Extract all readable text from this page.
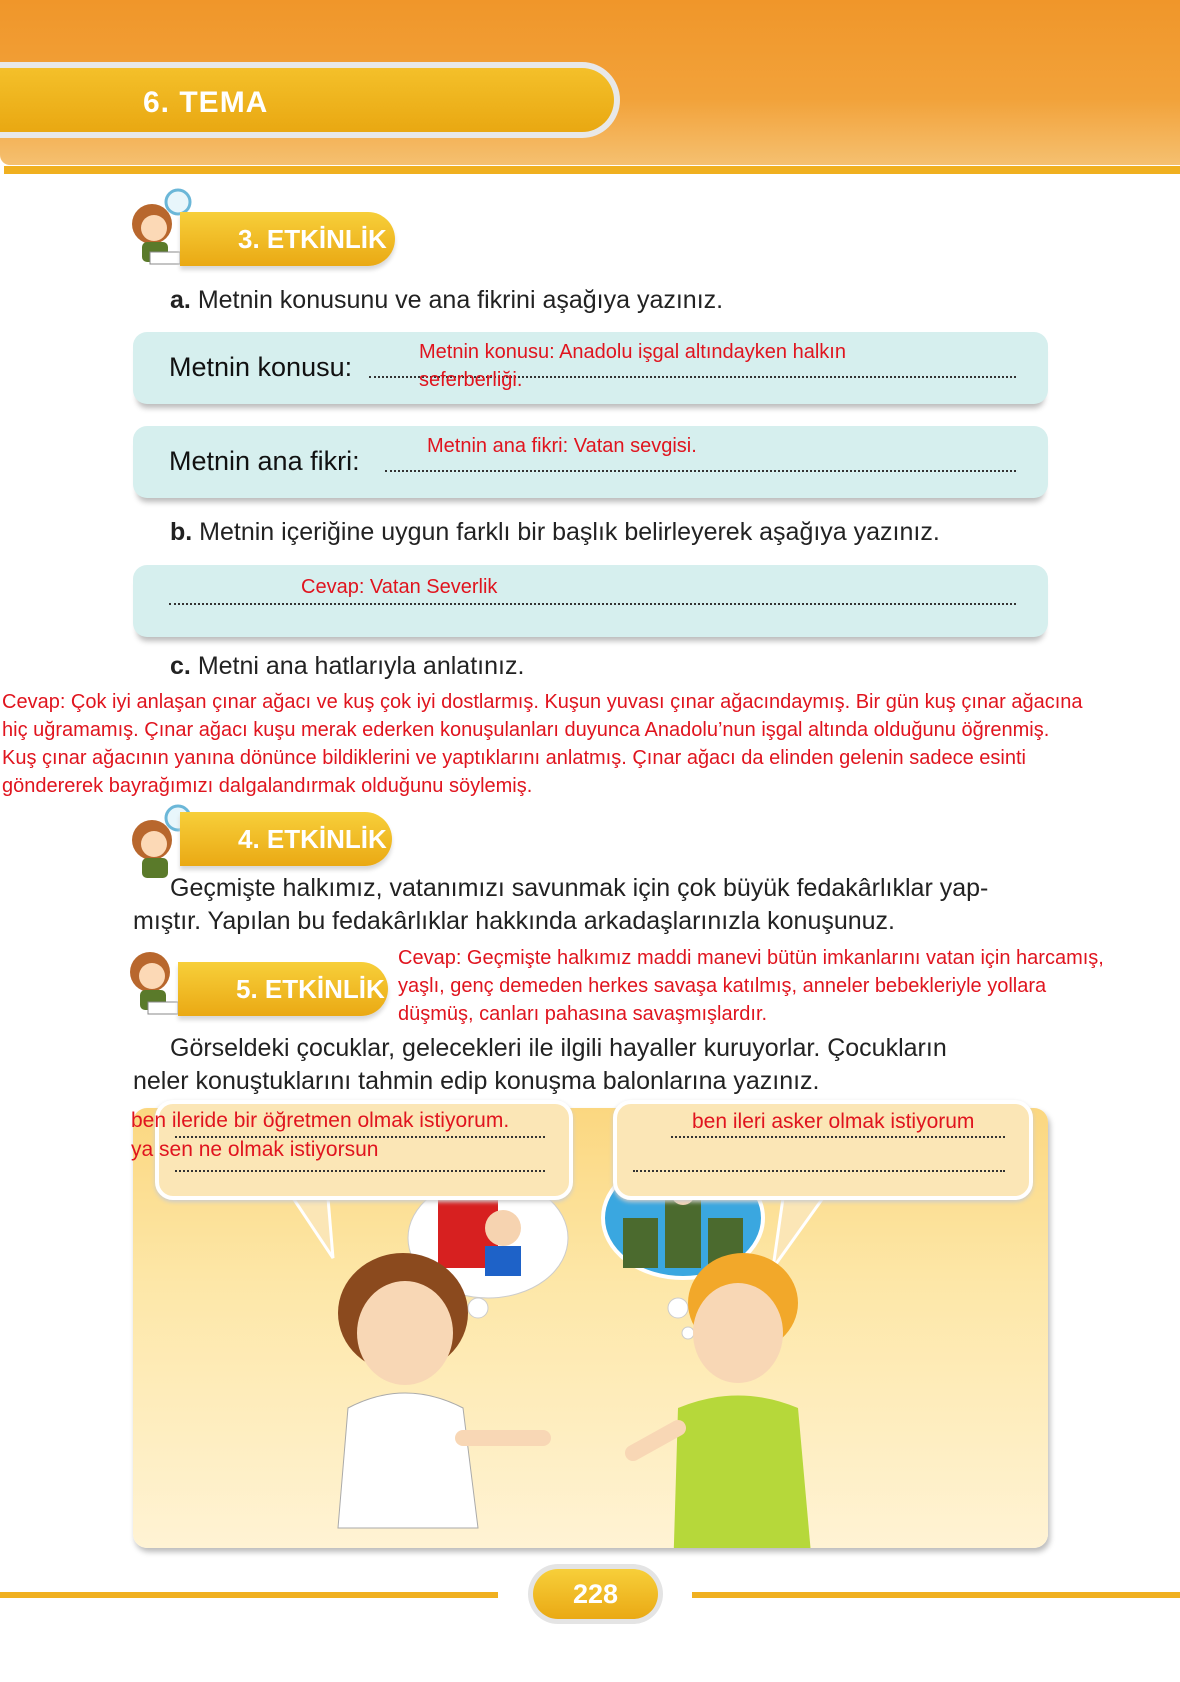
6. TEMA
3. ETKİNLİK
a. Metnin konusunu ve ana fikrini aşağıya yazınız.
Metnin konusu:	Metnin konusu: Anadolu işgal altındayken halkın seferberliği.
Metnin ana fikri:	Metnin ana fikri: Vatan sevgisi.
b. Metnin içeriğine uygun farklı bir başlık belirleyerek aşağıya yazınız.
Cevap: Vatan Severlik
c. Metni ana hatlarıyla anlatınız.
Cevap: Çok iyi anlaşan çınar ağacı ve kuş çok iyi dostlarmış. Kuşun yuvası çınar ağacındaymış. Bir gün kuş çınar ağacına
hiç uğramamış. Çınar ağacı kuşu merak ederken konuşulanları duyunca Anadolu’nun işgal altında olduğunu öğrenmiş.
Kuş çınar ağacının yanına dönünce bildiklerini ve yaptıklarını anlatmış. Çınar ağacı da elinden gelenin sadece esinti
göndererek bayrağımızı dalgalandırmak olduğunu söylemiş.
4. ETKİNLİK
Geçmişte halkımız, vatanımızı savunmak için çok büyük fedakârlıklar yap-
mıştır. Yapılan bu fedakârlıklar hakkında arkadaşlarınızla konuşunuz.
5. ETKİNLİK
Cevap: Geçmişte halkımız maddi manevi bütün imkanlarını vatan için harcamış,
yaşlı, genç demeden herkes savaşa katılmış, anneler bebekleriyle yollara
düşmüş, canları pahasına savaşmışlardır.
Görseldeki çocuklar, gelecekleri ile ilgili hayaller kuruyorlar. Çocukların
neler konuştuklarını tahmin edip konuşma balonlarına yazınız.
ben ileride bir öğretmen olmak istiyorum.
ya sen ne olmak istiyorsun
ben ileri asker olmak istiyorum
228
